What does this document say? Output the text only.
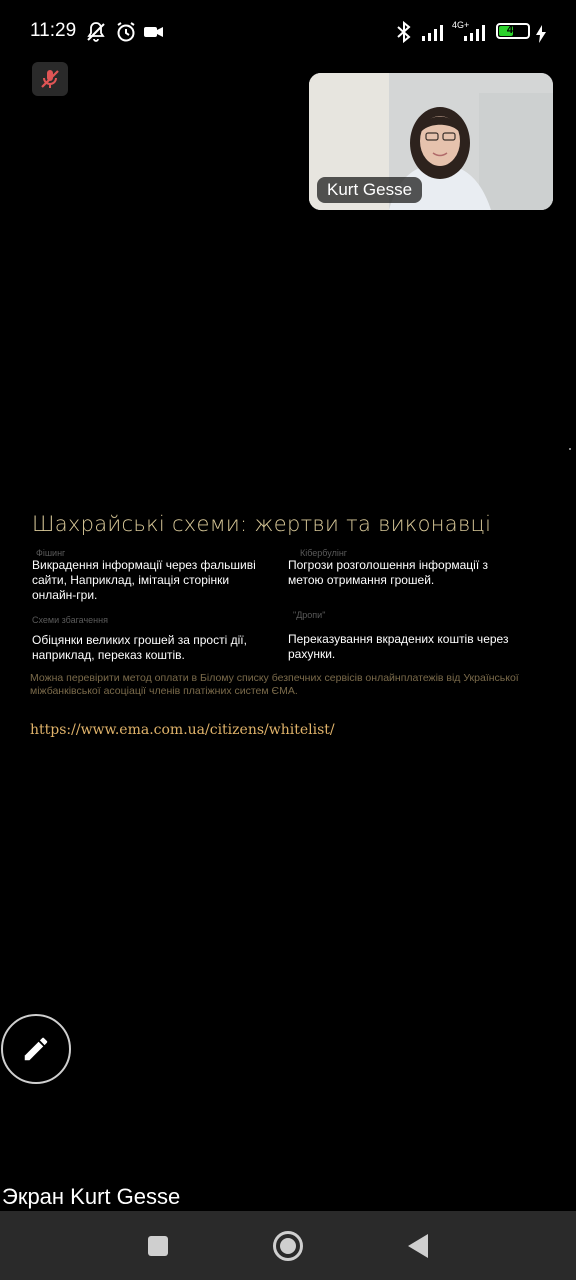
11:29	4G+	48
Kurt Gesse
Шахрайські схеми: жертви та виконавці
Фішинг
Викрадення інформації через фальшиві сайти, Наприклад, імітація сторінки онлайн-гри.
Кібербулінг
Погрози розголошення інформації з метою отримання грошей.
Схеми збагачення
Обіцянки великих грошей за прості дії, наприклад, переказ коштів.
"Дропи"
Переказування вкрадених коштів через рахунки.
Можна перевірити метод оплати в Білому списку безпечних сервісів онлайнплатежів від Української міжбанківської асоціації членів платіжних систем ЄМА.
https://www.ema.com.ua/citizens/whitelist/
Экран Kurt Gesse
